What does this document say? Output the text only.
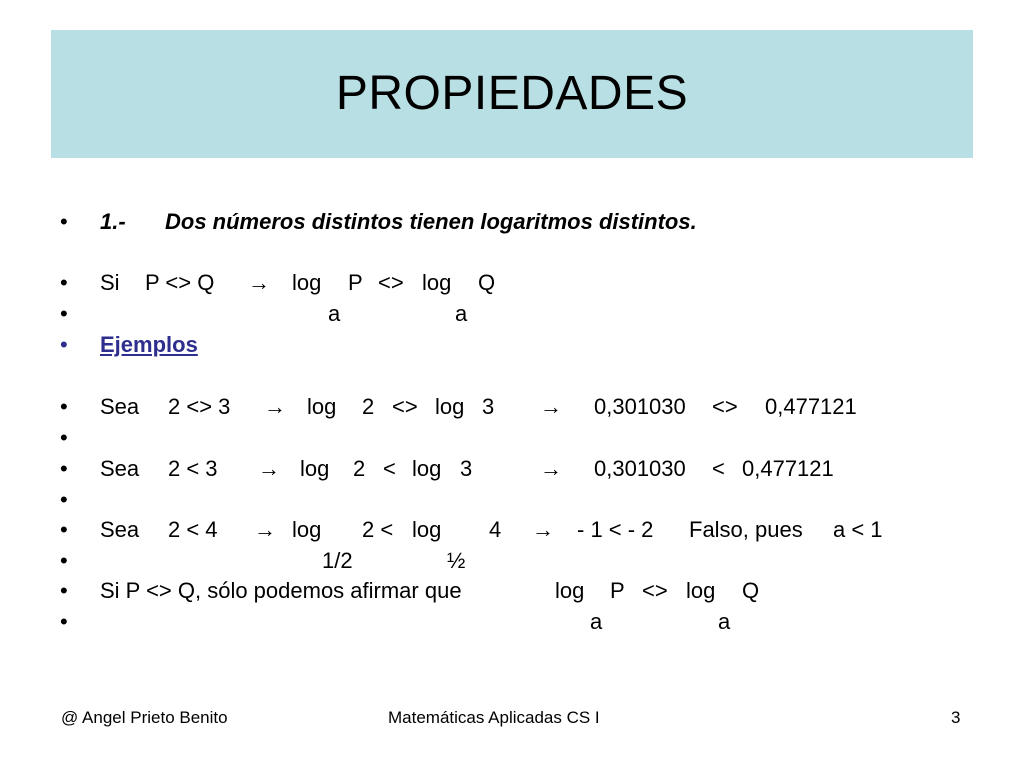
PROPIEDADES
• 1.- Dos números distintos tienen logaritmos distintos.
• Si P <> Q → log P <> log Q
•	a	a
• Ejemplos
• Sea 2 <> 3 → log 2 <> log 3 → 0,301030 <> 0,477121
•
• Sea 2 < 3 → log 2 < log 3	→ 0,301030 < 0,477121
•
• Sea 2 < 4 → log 2 < log 4 → - 1 < - 2 Falso, pues a < 1
•	1/2	½
• Si P <> Q, sólo podemos afirmar que	log P <> log Q
•	a	a
@ Angel Prieto Benito	Matemáticas Aplicadas CS I	3
